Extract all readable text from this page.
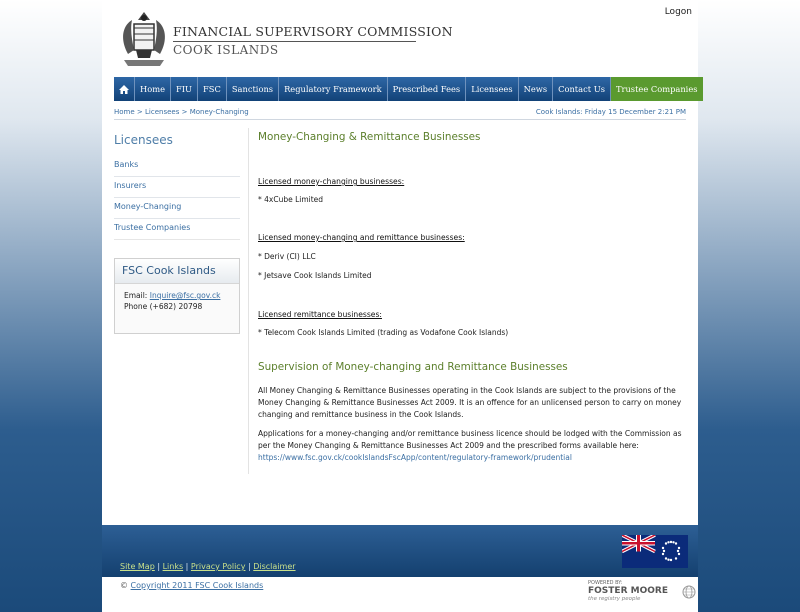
Logon
FINANCIAL SUPERVISORY COMMISSION
COOK ISLANDS
Home	FIU	FSC	Sanctions	Regulatory Framework	Prescribed Fees	Licensees	News	Contact Us	Trustee Companies
Home > Licensees > Money-Changing	Cook Islands: Friday 15 December 2:21 PM
Licensees
Banks
Insurers
Money-Changing
Trustee Companies
FSC Cook Islands
Email: Inquire@fsc.gov.ck
Phone (+682) 20798
Money-Changing & Remittance Businesses
Licensed money-changing businesses:
* 4xCube Limited
Licensed money-changing and remittance businesses:
* Deriv (CI) LLC
* Jetsave Cook Islands Limited
Licensed remittance businesses:
* Telecom Cook Islands Limited (trading as Vodafone Cook Islands)
Supervision of Money-changing and Remittance Businesses
All Money Changing & Remittance Businesses operating in the Cook Islands are subject to the provisions of the Money Changing & Remittance Businesses Act 2009. It is an offence for an unlicensed person to carry on money changing and remittance business in the Cook Islands.
Applications for a money-changing and/or remittance business licence should be lodged with the Commission as per the Money Changing & Remittance Businesses Act 2009 and the prescribed forms available here: https://www.fsc.gov.ck/cookIslandsFscApp/content/regulatory-framework/prudential
Site Map | Links | Privacy Policy | Disclaimer
© Copyright 2011 FSC Cook Islands	POWERED BY:
FOSTER MOORE
the registry people
